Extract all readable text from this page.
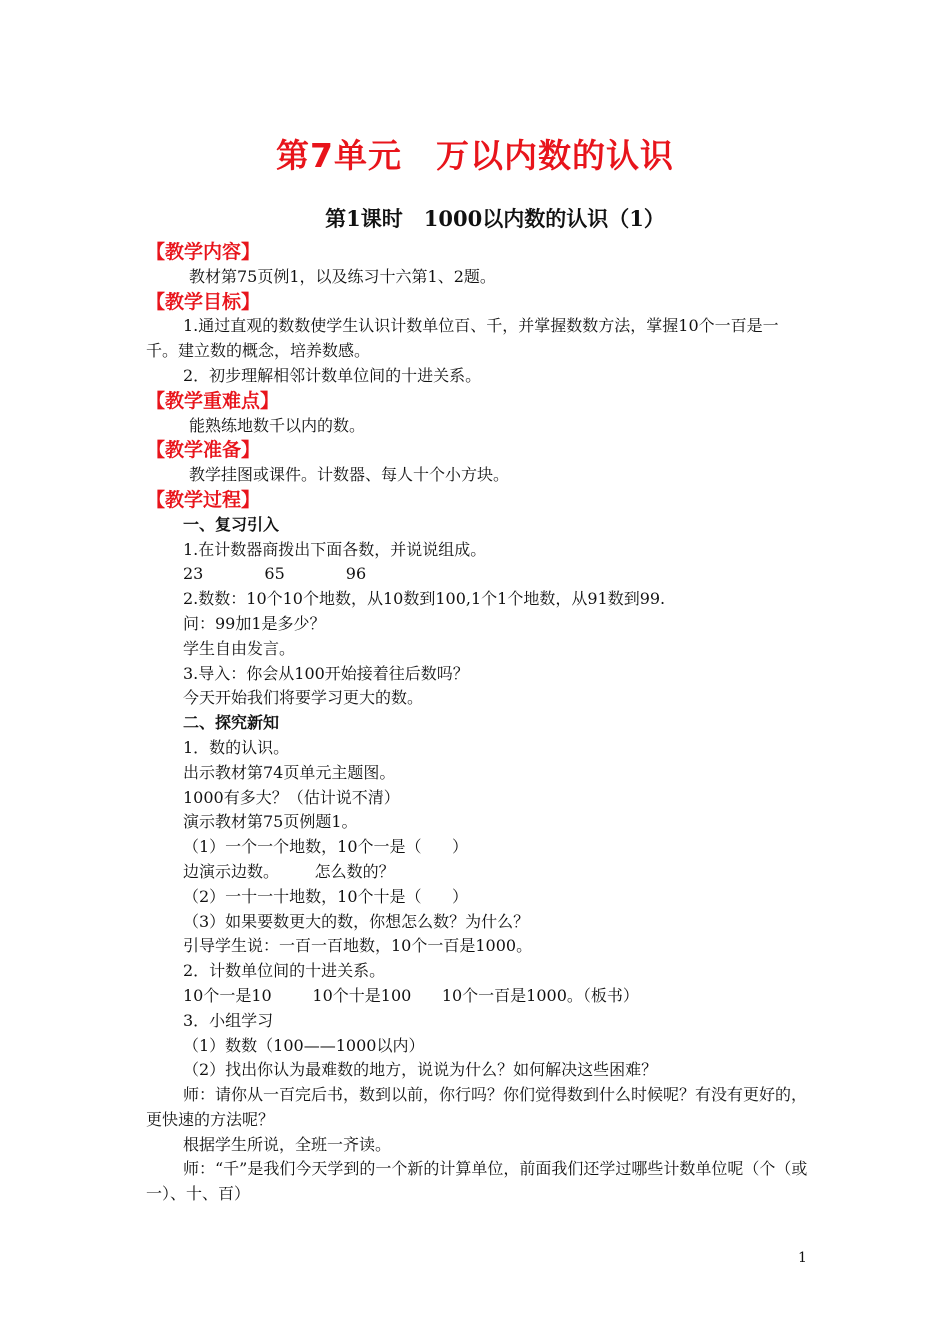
第7单元　万以内数的认识
第1课时　1000以内数的认识（1）
【教学内容】
教材第75页例1，以及练习十六第1、2题。
【教学目标】
1.通过直观的数数使学生认识计数单位百、千，并掌握数数方法，掌握10个一百是一千。建立数的概念，培养数感。
2．初步理解相邻计数单位间的十进关系。
【教学重难点】
能熟练地数千以内的数。
【教学准备】
教学挂图或课件。计数器、每人十个小方块。
【教学过程】
一、复习引入
1.在计数器商拨出下面各数，并说说组成。
23            65            96
2.数数：10个10个地数，从10数到100,1个1个地数，从91数到99.
问：99加1是多少？
学生自由发言。
3.导入：你会从100开始接着往后数吗？
今天开始我们将要学习更大的数。
二、探究新知
1．数的认识。
出示教材第74页单元主题图。
1000有多大？（估计说不清）
演示教材第75页例题1。
（1）一个一个地数，10个一是（      ）
边演示边数。       怎么数的？
（2）一十一十地数，10个十是（      ）
（3）如果要数更大的数，你想怎么数？为什么？
引导学生说：一百一百地数，10个一百是1000。
2．计数单位间的十进关系。
10个一是10        10个十是100      10个一百是1000。（板书）
3．小组学习
（1）数数（100——1000以内）
（2）找出你认为最难数的地方，说说为什么？如何解决这些困难？
师：请你从一百完后书，数到以前，你行吗？你们觉得数到什么时候呢？有没有更好的，更快速的方法呢？
根据学生所说，全班一齐读。
师：“千”是我们今天学到的一个新的计算单位，前面我们还学过哪些计数单位呢（个（或一）、十、百）
1
